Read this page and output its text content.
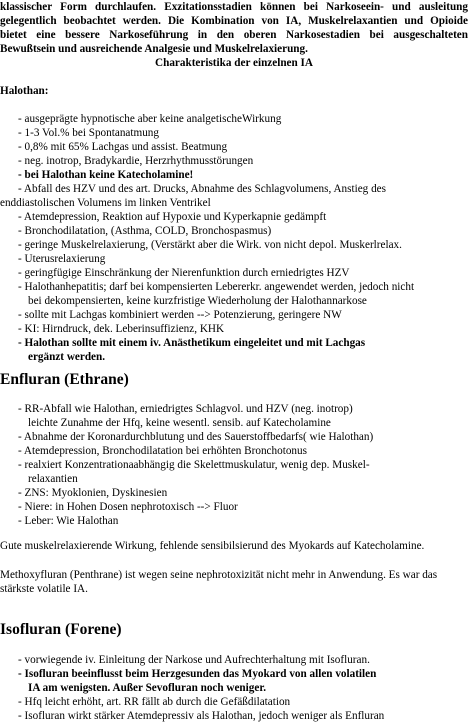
klassischer Form durchlaufen. Exzitationsstadien können bei Narkoseein- und ausleitung
gelegentlich beobachtet werden. Die Kombination von IA, Muskelrelaxantien und Opioide
bietet eine bessere Narkoseführung in den oberen Narkosestadien bei ausgeschalteten
Bewußtsein und ausreichende Analgesie und Muskelrelaxierung.
Charakteristika der einzelnen IA
Halothan:
- ausgeprägte hypnotische aber keine analgetischeWirkung
- 1-3 Vol.% bei Spontanatmung
- 0,8% mit 65% Lachgas und assist. Beatmung
- neg. inotrop, Bradykardie, Herzrhythmusstörungen
- bei Halothan keine Katecholamine!
- Abfall des HZV und des art. Drucks, Abnahme des Schlagvolumens, Anstieg des
enddiastolischen Volumens im linken Ventrikel
- Atemdepression, Reaktion auf Hypoxie und Kyperkapnie gedämpft
- Bronchodilatation, (Asthma, COLD, Bronchospasmus)
- geringe Muskelrelaxierung, (Verstärkt aber die Wirk. von nicht depol. Muskerlrelax.
- Uterusrelaxierung
- geringfügige Einschränkung der Nierenfunktion durch erniedrigtes HZV
- Halothanhepatitis; darf bei kompensierten Lebererkr. angewendet werden, jedoch nicht
bei dekompensierten, keine kurzfristige Wiederholung der Halothannarkose
- sollte mit Lachgas kombiniert werden --> Potenzierung, geringere NW
- KI: Hirndruck, dek. Leberinsuffizienz, KHK
- Halothan sollte mit einem iv. Anästhetikum eingeleitet und mit Lachgas
ergänzt werden.
Enfluran (Ethrane)
- RR-Abfall wie Halothan, erniedrigtes Schlagvol. und HZV (neg. inotrop)
leichte Zunahme der Hfq, keine wesentl. sensib. auf Katecholamine
- Abnahme der Koronardurchblutung und des Sauerstoffbedarfs( wie Halothan)
- Atemdepression, Bronchodilatation bei erhöhten Bronchotonus
- realxiert Konzentrationaabhängig die Skelettmuskulatur, wenig dep. Muskel-
relaxantien
- ZNS: Myoklonien, Dyskinesien
- Niere: in Hohen Dosen nephrotoxisch --> Fluor
- Leber: Wie Halothan
Gute muskelrelaxierende Wirkung, fehlende sensibilsierund des Myokards auf Katecholamine.
Methoxyfluran (Penthrane) ist wegen seine nephrotoxizität nicht mehr in Anwendung. Es war das
stärkste volatile IA.
Isofluran (Forene)
- vorwiegende iv. Einleitung der Narkose und Aufrechterhaltung mit Isofluran.
- Isofluran beeinflusst beim Herzgesunden das Myokard von allen volatilen
IA am wenigsten. Außer Sevofluran noch weniger.
- Hfq leicht erhöht, art. RR fällt ab durch die Gefäßdilatation
- Isofluran wirkt stärker Atemdepressiv als Halothan, jedoch weniger als Enfluran
